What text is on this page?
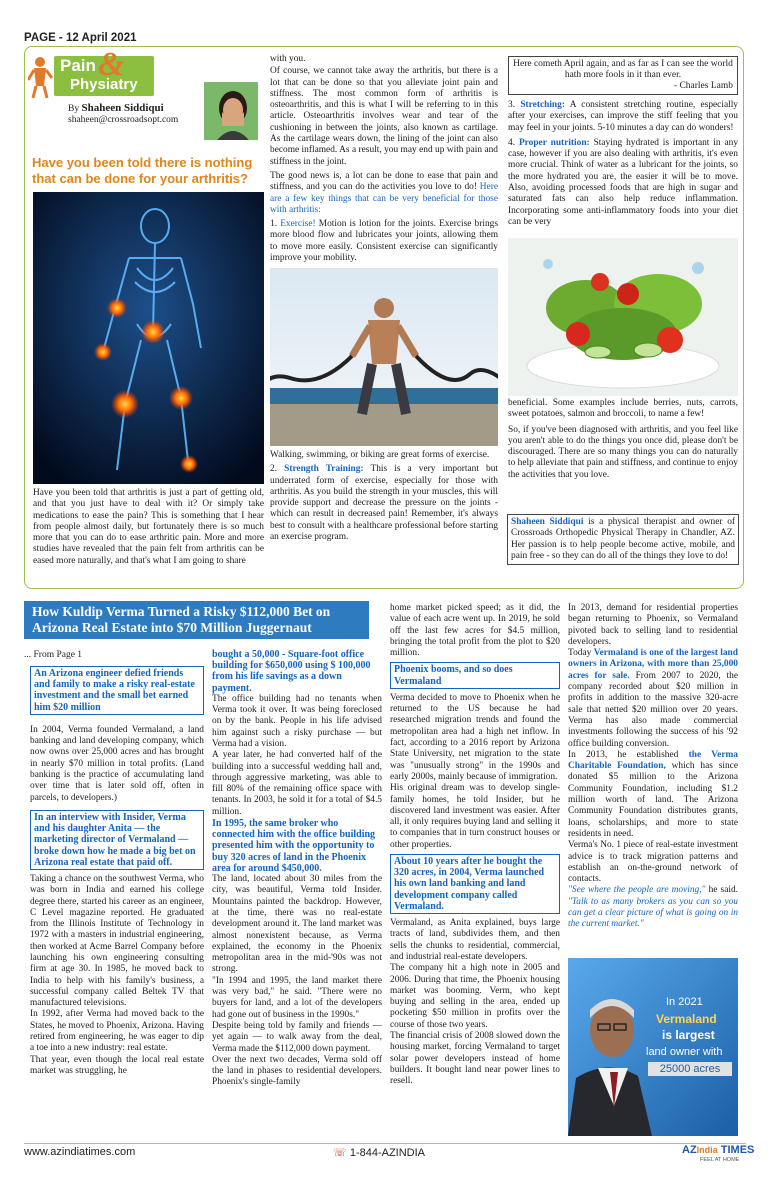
PAGE - 12 April 2021
Pain &
Physiatry
By Shaheen Siddiqui
shaheen@crossroadsopt.com
Have you been told there is nothing that can be done for your arthritis?
Have you been told that arthritis is just a part of getting old, and that you just have to deal with it? Or simply take medications to ease the pain? This is something that I hear from people almost daily, but fortunately there is so much more that you can do to ease arthritic pain. More and more studies have revealed that the pain felt from arthritis can be eased more naturally, and that's what I am going to share

with you.

Of course, we cannot take away the arthritis, but there is a lot that can be done so that you alleviate joint pain and stiffness. The most common form of arthritis is osteoarthritis, and this is what I will be referring to in this article. Osteoarthritis involves wear and tear of the cushioning in between the joints, also known as cartilage. As the cartilage wears down, the lining of the joint can also become inflamed. As a result, you may end up with pain and stiffness in the joint.

The good news is, a lot can be done to ease that pain and stiffness, and you can do the activities you love to do! Here are a few key things that can be very beneficial for those with arthritis:

1. Exercise! Motion is lotion for the joints. Exercise brings more blood flow and lubricates your joints, allowing them to move more easily. Consistent exercise can significantly improve your mobility.

Walking, swimming, or biking are great forms of exercise.

2. Strength Training: This is a very important but underrated form of exercise, especially for those with arthritis. As you build the strength in your muscles, this will provide support and decrease the pressure on the joints - which can result in decreased pain! Remember, it's always best to consult with a healthcare professional before starting an exercise program.

Here cometh April again, and as far as I can see the world hath more fools in it than ever.
- Charles Lamb

3. Stretching: A consistent stretching routine, especially after your exercises, can improve the stiff feeling that you may feel in your joints. 5-10 minutes a day can do wonders!

4. Proper nutrition: Staying hydrated is important in any case, however if you are also dealing with arthritis, it's even more crucial. Think of water as a lubricant for the joints, so the more hydrated you are, the easier it will be to move. Also, avoiding processed foods that are high in sugar and saturated fats can also help reduce inflammation. Incorporating some anti-inflammatory foods into your diet can be very

beneficial. Some examples include berries, nuts, carrots, sweet potatoes, salmon and broccoli, to name a few!

So, if you've been diagnosed with arthritis, and you feel like you aren't able to do the things you once did, please don't be discouraged. There are so many things you can do naturally to help alleviate that pain and stiffness, and continue to enjoy the activities that you love.

Shaheen Siddiqui is a physical therapist and owner of Crossroads Orthopedic Physical Therapy in Chandler, AZ. Her passion is to help people become active, mobile, and pain free - so they can do all of the things they love to do!
How Kuldip Verma Turned a Risky $112,000 Bet on
Arizona Real Estate into $70 Million Juggernaut
... From Page 1
An Arizona engineer defied friends and family to make a risky real-estate investment and the small bet earned him $20 million
In 2004, Verma founded Vermaland, a land banking and land developing company, which now owns over 25,000 acres and has brought in nearly $70 million in total profits. (Land banking is the practice of accumulating land over time that is later sold off, often in parcels, to developers.)
In an interview with Insider, Verma and his daughter Anita — the marketing director of Vermaland — broke down how he made a big bet on Arizona real estate that paid off.
Taking a chance on the southwest Verma, who was born in India and earned his college degree there, started his career as an engineer, C Level magazine reported. He graduated from the Illinois Institute of Technology in 1972 with a masters in industrial engineering, then worked at Acme Barrel Company before launching his own engineering consulting firm at age 30. In 1985, he moved back to India to help with his family's business, a successful company called Beltek TV that manufactured televisions.
In 1992, after Verma had moved back to the States, he moved to Phoenix, Arizona. Having retired from engineering, he was eager to dip a toe into a new industry: real estate.
That year, even though the local real estate market was struggling, he
bought a 50,000 - Square-foot office building for $650,000 using $ 100,000 from his life savings as a down payment.
The office building had no tenants when Verma took it over. It was being foreclosed on by the bank. People in his life advised him against such a risky purchase — but Verma had a vision.
A year later, he had converted half of the building into a successful wedding hall and, through aggressive marketing, was able to fill 80% of the remaining office space with tenants. In 2003, he sold it for a total of $4.5 million.
In 1995, the same broker who connected him with the office building presented him with the opportunity to buy 320 acres of land in the Phoenix area for around $450,000.
The land, located about 30 miles from the city, was beautiful, Verma told Insider. Mountains painted the backdrop. However, at the time, there was no real-estate development around it. The land market was almost nonexistent because, as Verma explained, the economy in the Phoenix metropolitan area in the mid-'90s was not strong.
"In 1994 and 1995, the land market there was very bad," he said. "There were no buyers for land, and a lot of the developers had gone out of business in the 1990s."
Despite being told by family and friends — yet again — to walk away from the deal, Verma made the $112,000 down payment.
Over the next two decades, Verma sold off the land in phases to residential developers. Phoenix's single-family
home market picked speed; as it did, the value of each acre went up. In 2019, he sold off the last few acres for $4.5 million, bringing the total profit from the plot to $20 million.
Phoenix booms, and so does Vermaland
Verma decided to move to Phoenix when he returned to the US because he had researched migration trends and found the metropolitan area had a high net inflow. In fact, according to a 2016 report by Arizona State University, net migration to the state was "unusually strong" in the 1990s and early 2000s, mainly because of immigration.
His original dream was to develop single-family homes, he told Insider, but he discovered land investment was easier. After all, it only requires buying land and selling it to companies that in turn construct houses or other properties.
About 10 years after he bought the 320 acres, in 2004, Verma launched his own land banking and land development company called Vermaland.
Vermaland, as Anita explained, buys large tracts of land, subdivides them, and then sells the chunks to residential, commercial, and industrial real-estate developers.
The company hit a high note in 2005 and 2006. During that time, the Phoenix housing market was booming. Verm, who kept buying and selling in the area, ended up pocketing $50 million in profits over the course of those two years.
The financial crisis of 2008 slowed down the housing market, forcing Vermaland to target solar power developers instead of home builders. It bought land near power lines to resell.
In 2013, demand for residential properties began returning to Phoenix, so Vermaland pivoted back to selling land to residential developers.
Today Vermaland is one of the largest land owners in Arizona, with more than 25,000 acres for sale. From 2007 to 2020, the company recorded about $20 million in profits in addition to the massive 320-acre sale that netted $20 million over 20 years. Verma has also made commercial investments following the success of his '92 office building conversion.
In 2013, he established the Verma Charitable Foundation, which has since donated $5 million to the Arizona Community Foundation, including $1.2 million worth of land. The Arizona Community Foundation distributes grants, loans, scholarships, and more to state residents in need.
Verma's No. 1 piece of real-estate investment advice is to track migration patterns and establish an on-the-ground network of contacts.
"See where the people are moving," he said. "Talk to as many brokers as you can so you can get a clear picture of what is going on in the current market."
In 2021
Vermaland
is largest
land owner with
25000 acres
www.azindiatimes.com	☏ 1-844-AZINDIA	AZIndia TIMES
FEEL AT HOME
